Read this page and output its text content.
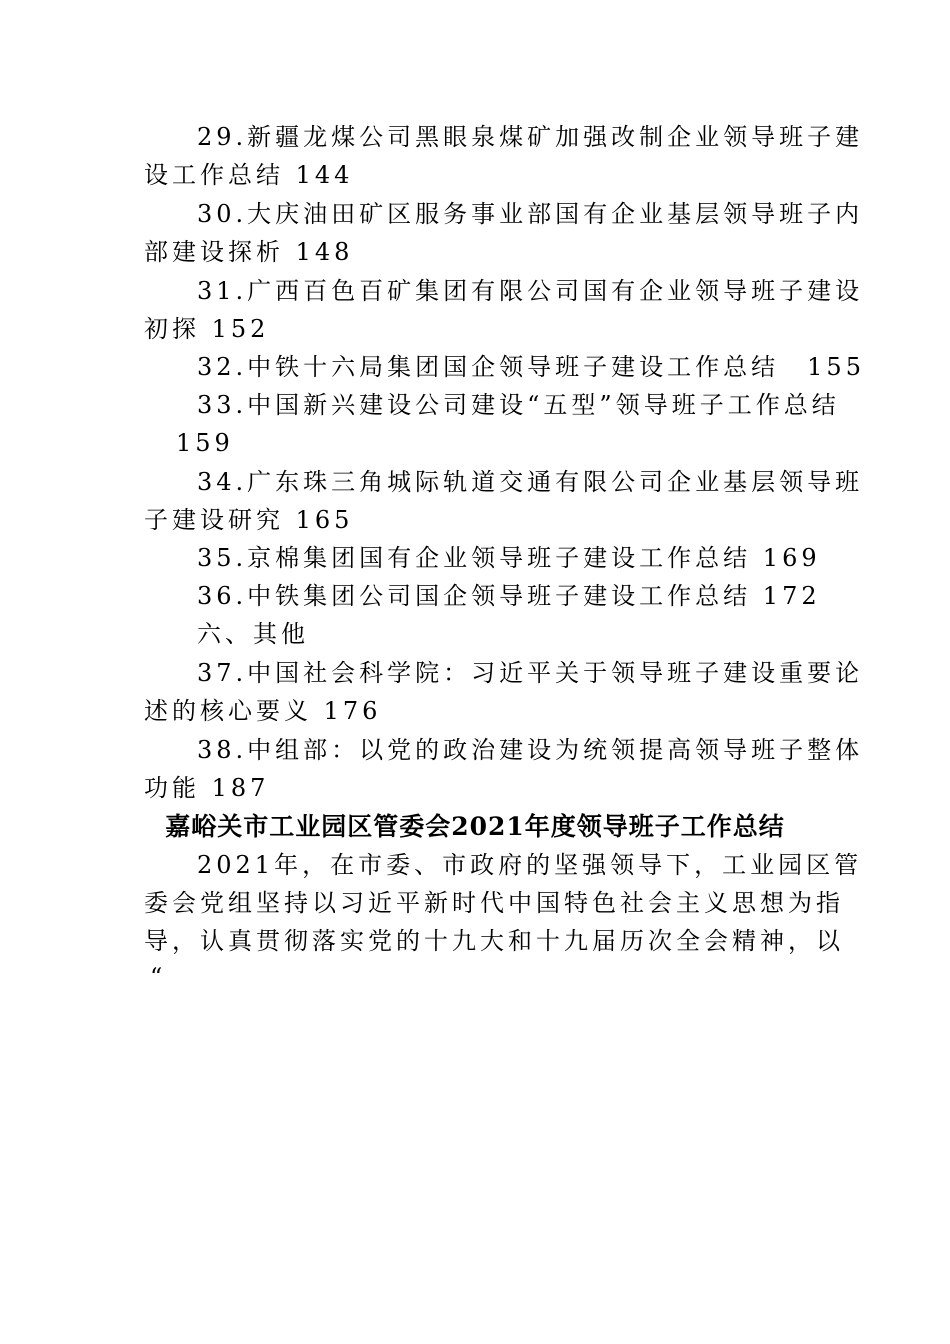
29.新疆龙煤公司黑眼泉煤矿加强改制企业领导班子建
设工作总结 144
30.大庆油田矿区服务事业部国有企业基层领导班子内
部建设探析 148
31.广西百色百矿集团有限公司国有企业领导班子建设
初探 152
32.中铁十六局集团国企领导班子建设工作总结　155
33.中国新兴建设公司建设“五型”领导班子工作总结
159
34.广东珠三角城际轨道交通有限公司企业基层领导班
子建设研究 165
35.京棉集团国有企业领导班子建设工作总结 169
36.中铁集团公司国企领导班子建设工作总结 172
六、其他
37.中国社会科学院：习近平关于领导班子建设重要论
述的核心要义 176
38.中组部：以党的政治建设为统领提高领导班子整体
功能 187
嘉峪关市工业园区管委会2021年度领导班子工作总结
2021年，在市委、市政府的坚强领导下，工业园区管
委会党组坚持以习近平新时代中国特色社会主义思想为指
导，认真贯彻落实党的十九大和十九届历次全会精神，以
“
